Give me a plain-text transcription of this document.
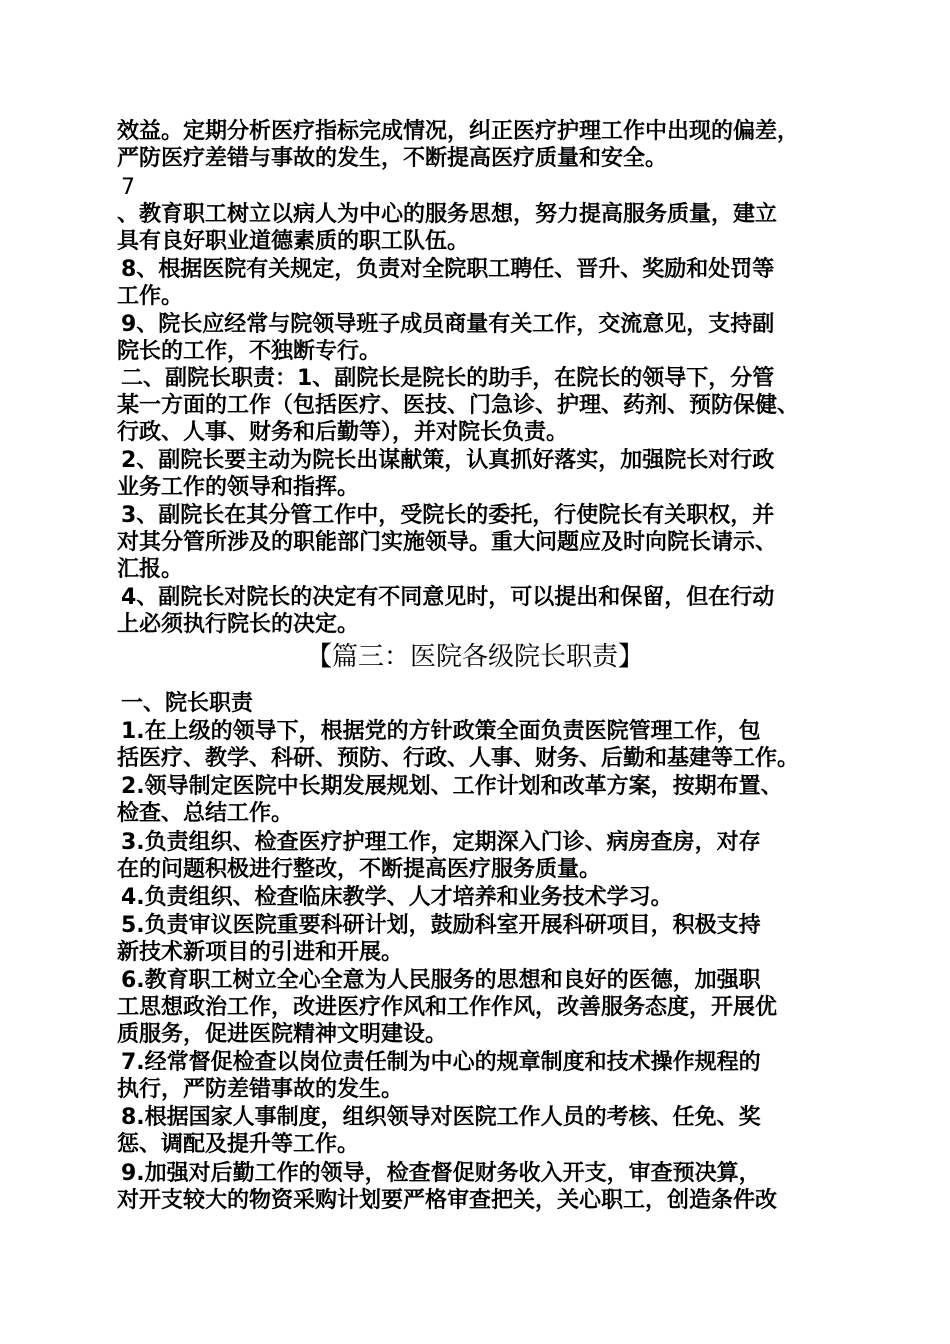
效益。定期分析医疗指标完成情况，纠正医疗护理工作中出现的偏差，
严防医疗差错与事故的发生，不断提高医疗质量和安全。
7
、教育职工树立以病人为中心的服务思想，努力提高服务质量，建立
具有良好职业道德素质的职工队伍。
8、根据医院有关规定，负责对全院职工聘任、晋升、奖励和处罚等
工作。
9、院长应经常与院领导班子成员商量有关工作，交流意见，支持副
院长的工作，不独断专行。
二、副院长职责：1、副院长是院长的助手，在院长的领导下，分管
某一方面的工作（包括医疗、医技、门急诊、护理、药剂、预防保健、
行政、人事、财务和后勤等），并对院长负责。
2、副院长要主动为院长出谋献策，认真抓好落实，加强院长对行政
业务工作的领导和指挥。
3、副院长在其分管工作中，受院长的委托，行使院长有关职权，并
对其分管所涉及的职能部门实施领导。重大问题应及时向院长请示、
汇报。
4、副院长对院长的决定有不同意见时，可以提出和保留，但在行动
上必须执行院长的决定。
【篇三：医院各级院长职责】
一、院长职责
1.在上级的领导下，根据党的方针政策全面负责医院管理工作，包
括医疗、教学、科研、预防、行政、人事、财务、后勤和基建等工作。
2.领导制定医院中长期发展规划、工作计划和改革方案，按期布置、
检查、总结工作。
3.负责组织、检查医疗护理工作，定期深入门诊、病房查房，对存
在的问题积极进行整改，不断提高医疗服务质量。
4.负责组织、检查临床教学、人才培养和业务技术学习。
5.负责审议医院重要科研计划，鼓励科室开展科研项目，积极支持
新技术新项目的引进和开展。
6.教育职工树立全心全意为人民服务的思想和良好的医德，加强职
工思想政治工作，改进医疗作风和工作作风，改善服务态度，开展优
质服务，促进医院精神文明建设。
7.经常督促检查以岗位责任制为中心的规章制度和技术操作规程的
执行，严防差错事故的发生。
8.根据国家人事制度，组织领导对医院工作人员的考核、任免、奖
惩、调配及提升等工作。
9.加强对后勤工作的领导，检查督促财务收入开支，审查预决算，
对开支较大的物资采购计划要严格审查把关，关心职工，创造条件改
